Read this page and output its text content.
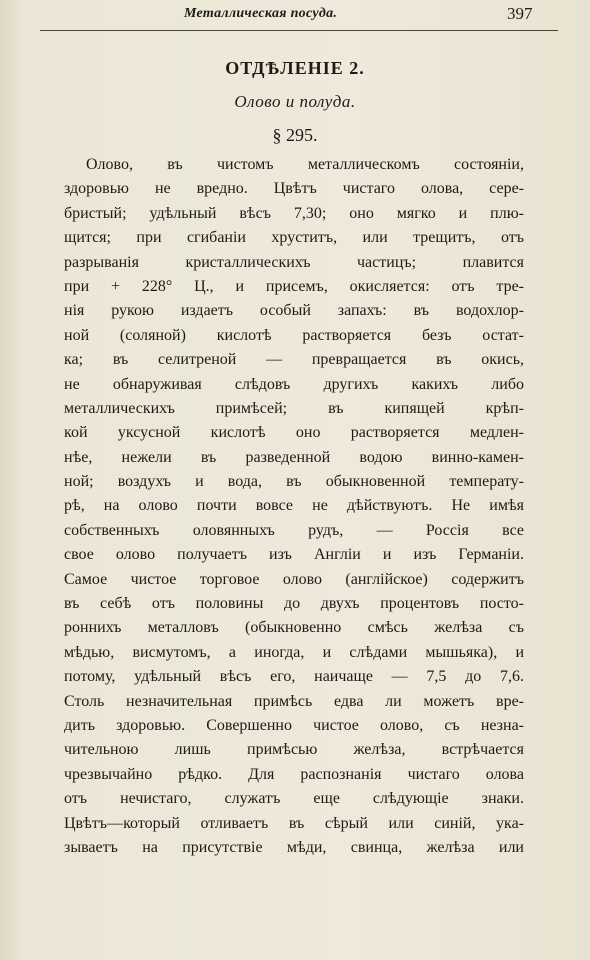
Металлическая посуда.	397
ОТДѢЛЕНІЕ 2.
Олово и полуда.
§ 295.
Олово, въ чистомъ металлическомъ состояніи,
здоровью не вредно. Цвѣтъ чистаго олова, сере-
бристый; удѣльный вѣсъ 7,30; оно мягко и плю-
щится; при сгибаніи хруститъ, или трещитъ, отъ
разрыванія кристаллическихъ частицъ; плавится
при + 228° Ц., и присемъ, окисляется: отъ тре-
нія рукою издаетъ особый запахъ: въ водохлор-
ной (соляной) кислотѣ растворяется безъ остат-
ка; въ селитреной — превращается въ окись,
не обнаруживая слѣдовъ другихъ какихъ либо
металлическихъ примѣсей; въ кипящей крѣп-
кой уксусной кислотѣ оно растворяется медлен-
нѣе, нежели въ разведенной водою винно-камен-
ной; воздухъ и вода, въ обыкновенной температу-
рѣ, на олово почти вовсе не дѣйствуютъ. Не имѣя
собственныхъ оловянныхъ рудъ, — Россія все
свое олово получаетъ изъ Англіи и изъ Германіи.
Самое чистое торговое олово (англійское) содержитъ
въ себѣ отъ половины до двухъ процентовъ посто-
роннихъ металловъ (обыкновенно смѣсь желѣза съ
мѣдью, висмутомъ, а иногда, и слѣдами мышьяка), и
потому, удѣльный вѣсъ его, наичаще — 7,5 до 7,6.
Столь незначительная примѣсь едва ли можетъ вре-
дить здоровью. Совершенно чистое олово, съ незна-
чительною лишь примѣсью желѣза, встрѣчается
чрезвычайно рѣдко. Для распознанія чистаго олова
отъ нечистаго, служатъ еще слѣдующіе знаки.
Цвѣтъ—который отливаетъ въ сѣрый или синій, ука-
зываетъ на присутствіе мѣди, свинца, желѣза или
